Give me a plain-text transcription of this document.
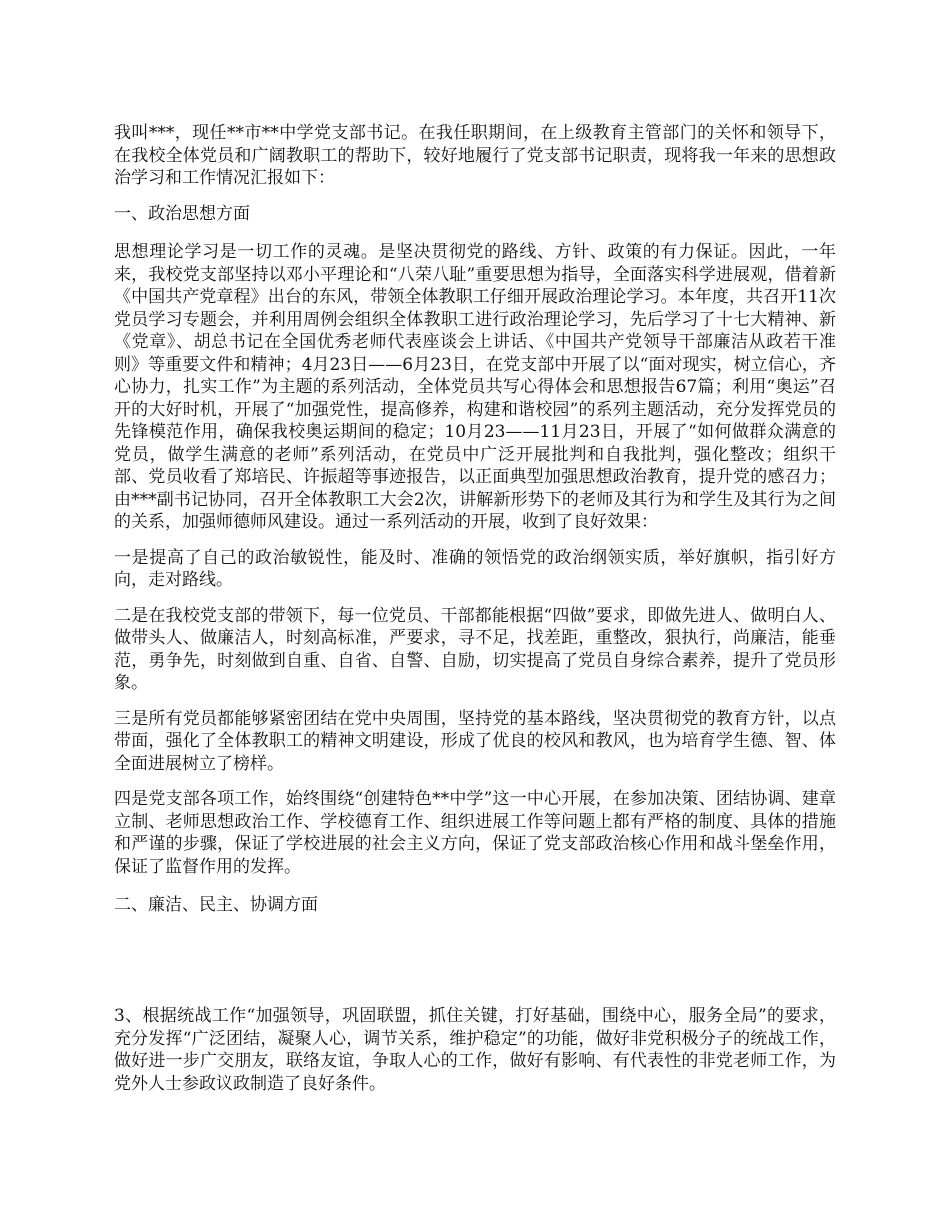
我叫***，现任**市**中学党支部书记。在我任职期间，在上级教育主管部门的关怀和领导下，在我校全体党员和广阔教职工的帮助下，较好地履行了党支部书记职责，现将我一年来的思想政治学习和工作情况汇报如下：

一、政治思想方面

思想理论学习是一切工作的灵魂。是坚决贯彻党的路线、方针、政策的有力保证。因此，一年来，我校党支部坚持以邓小平理论和“八荣八耻”重要思想为指导，全面落实科学进展观，借着新《中国共产党章程》出台的东风，带领全体教职工仔细开展政治理论学习。本年度，共召开11次党员学习专题会，并利用周例会组织全体教职工进行政治理论学习，先后学习了十七大精神、新《党章》、胡总书记在全国优秀老师代表座谈会上讲话、《中国共产党领导干部廉洁从政若干准则》等重要文件和精神；4月23日——6月23日，在党支部中开展了以“面对现实，树立信心，齐心协力，扎实工作”为主题的系列活动，全体党员共写心得体会和思想报告67篇；利用“奥运”召开的大好时机，开展了“加强党性，提高修养，构建和谐校园”的系列主题活动，充分发挥党员的先锋模范作用，确保我校奥运期间的稳定；10月23——11月23日，开展了“如何做群众满意的党员，做学生满意的老师”系列活动，在党员中广泛开展批判和自我批判，强化整改；组织干部、党员收看了郑培民、许振超等事迹报告，以正面典型加强思想政治教育，提升党的感召力；由***副书记协同，召开全体教职工大会2次，讲解新形势下的老师及其行为和学生及其行为之间的关系，加强师德师风建设。通过一系列活动的开展，收到了良好效果：

一是提高了自己的政治敏锐性，能及时、准确的领悟党的政治纲领实质，举好旗帜，指引好方向，走对路线。

二是在我校党支部的带领下，每一位党员、干部都能根据“四做”要求，即做先进人、做明白人、做带头人、做廉洁人，时刻高标准，严要求，寻不足，找差距，重整改，狠执行，尚廉洁，能垂范，勇争先，时刻做到自重、自省、自警、自励，切实提高了党员自身综合素养，提升了党员形象。

三是所有党员都能够紧密团结在党中央周围，坚持党的基本路线，坚决贯彻党的教育方针，以点带面，强化了全体教职工的精神文明建设，形成了优良的校风和教风，也为培育学生德、智、体全面进展树立了榜样。

四是党支部各项工作，始终围绕“创建特色**中学”这一中心开展，在参加决策、团结协调、建章立制、老师思想政治工作、学校德育工作、组织进展工作等问题上都有严格的制度、具体的措施和严谨的步骤，保证了学校进展的社会主义方向，保证了党支部政治核心作用和战斗堡垒作用，保证了监督作用的发挥。

二、廉洁、民主、协调方面

3、根据统战工作“加强领导，巩固联盟，抓住关键，打好基础，围绕中心，服务全局”的要求，充分发挥“广泛团结，凝聚人心，调节关系，维护稳定”的功能，做好非党积极分子的统战工作，做好进一步广交朋友，联络友谊，争取人心的工作，做好有影响、有代表性的非党老师工作，为党外人士参政议政制造了良好条件。
